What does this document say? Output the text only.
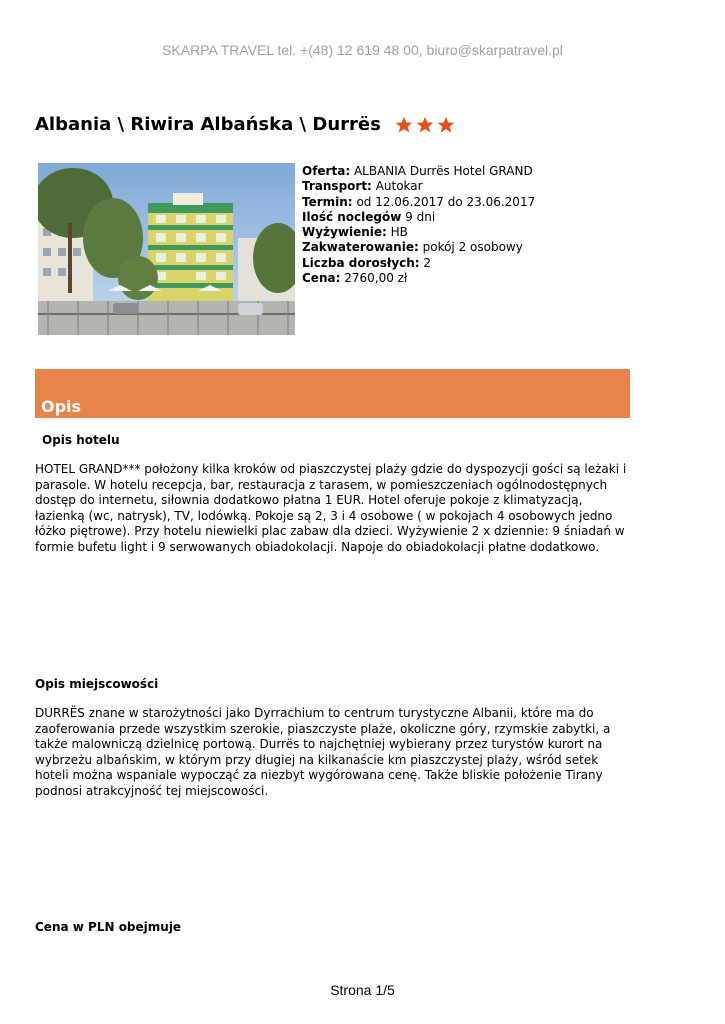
SKARPA TRAVEL tel. +(48) 12 619 48 00, biuro@skarpatravel.pl
Albania \ Riwira Albańska \ Durrës
Oferta: ALBANIA Durrës Hotel GRAND
Transport: Autokar
Termin: od 12.06.2017 do 23.06.2017
Ilość noclegów 9 dni
Wyżywienie: HB
Zakwaterowanie: pokój 2 osobowy
Liczba dorosłych: 2
Cena: 2760,00 zł
Opis
Opis hotelu
HOTEL GRAND*** położony kilka kroków od piaszczystej plaży gdzie do dyspozycji gości są leżaki i parasole. W hotelu recepcja, bar, restauracja z tarasem, w pomieszczeniach ogólnodostępnych dostęp do internetu, siłownia dodatkowo płatna 1 EUR. Hotel oferuje pokoje z klimatyzacją, łazienką (wc, natrysk), TV, lodówką. Pokoje są 2, 3 i 4 osobowe ( w pokojach 4 osobowych jedno łóżko piętrowe). Przy hotelu niewielki plac zabaw dla dzieci. Wyżywienie 2 x dziennie: 9 śniadań w formie bufetu light i 9 serwowanych obiadokolacji. Napoje do obiadokolacji płatne dodatkowo.
Opis miejscowości
DURRËS znane w starożytności jako Dyrrachium to centrum turystyczne Albanii, które ma do zaoferowania przede wszystkim szerokie, piaszczyste plaże, okoliczne góry, rzymskie zabytki, a także malowniczą dzielnicę portową. Durrës to najchętniej wybierany przez turystów kurort na wybrzeżu albańskim, w którym przy długiej na kilkanaście km piaszczystej plaży, wśród setek hoteli można wspaniale wypocząć za niezbyt wygórowana cenę. Także bliskie położenie Tirany podnosi atrakcyjność tej miejscowości.
Cena w PLN obejmuje
Strona 1/5
